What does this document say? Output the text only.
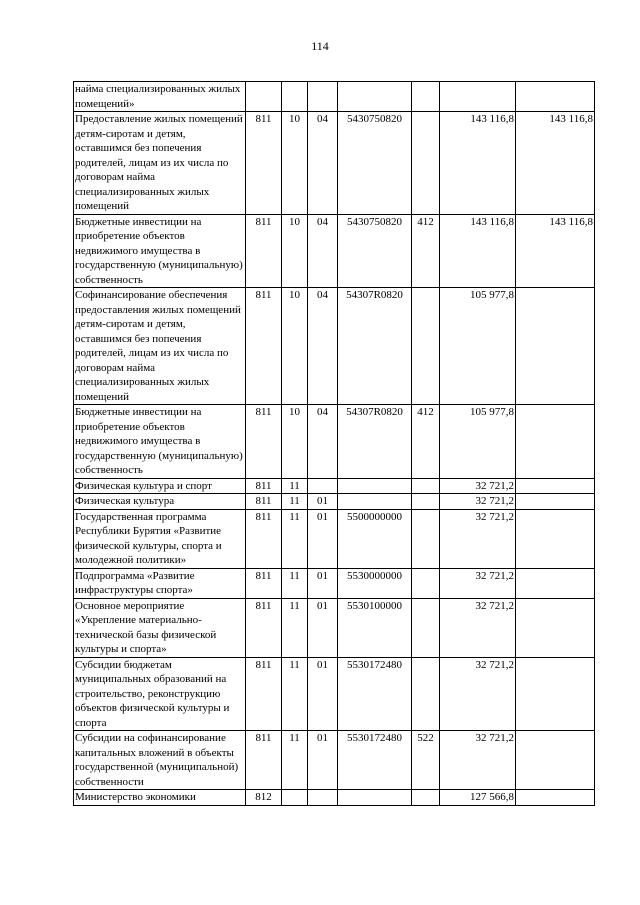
114
найма специализированных жилых помещений»							
Предоставление жилых помещений детям-сиротам и детям, оставшимся без попечения родителей, лицам из их числа по договорам найма специализированных жилых помещений	811	10	04	5430750820		143 116,8	143 116,8
Бюджетные инвестиции на приобретение объектов недвижимого имущества в государственную (муниципальную) собственность	811	10	04	5430750820	412	143 116,8	143 116,8
Софинансирование обеспечения предоставления жилых помещений детям-сиротам и детям, оставшимся без попечения родителей, лицам из их числа по договорам найма специализированных жилых помещений	811	10	04	54307R0820		105 977,8	
Бюджетные инвестиции на приобретение объектов недвижимого имущества в государственную (муниципальную) собственность	811	10	04	54307R0820	412	105 977,8	
Физическая культура и спорт	811	11				32 721,2	
Физическая культура	811	11	01			32 721,2	
Государственная программа Республики Бурятия «Развитие физической культуры, спорта и молодежной политики»	811	11	01	5500000000		32 721,2	
Подпрограмма «Развитие инфраструктуры спорта»	811	11	01	5530000000		32 721,2	
Основное мероприятие «Укрепление материально-технической базы физической культуры и спорта»	811	11	01	5530100000		32 721,2	
Субсидии бюджетам муниципальных образований на строительство, реконструкцию объектов физической культуры и спорта	811	11	01	5530172480		32 721,2	
Субсидии на софинансирование капитальных вложений в объекты государственной (муниципальной) собственности	811	11	01	5530172480	522	32 721,2	
Министерство экономики	812					127 566,8	
